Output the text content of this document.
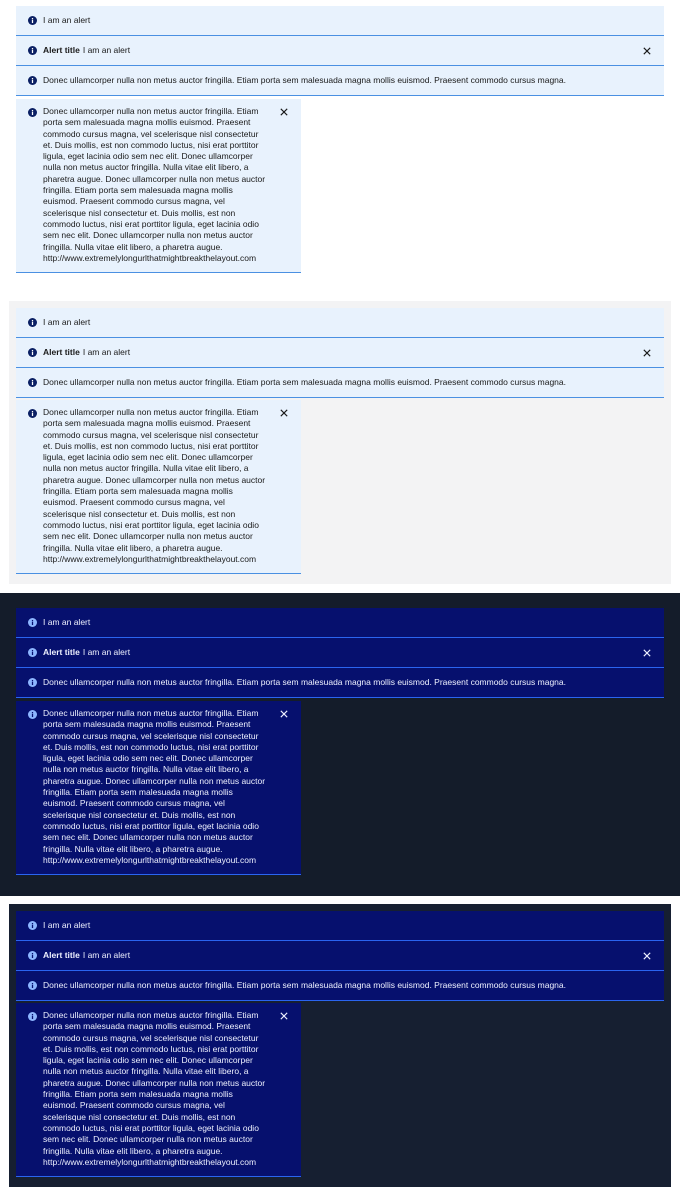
I am an alert
Alert title I am an alert
Donec ullamcorper nulla non metus auctor fringilla. Etiam porta sem malesuada magna mollis euismod. Praesent commodo cursus magna.
Donec ullamcorper nulla non metus auctor fringilla. Etiam porta sem malesuada magna mollis euismod. Praesent commodo cursus magna, vel scelerisque nisl consectetur et. Duis mollis, est non commodo luctus, nisi erat porttitor ligula, eget lacinia odio sem nec elit. Donec ullamcorper nulla non metus auctor fringilla. Nulla vitae elit libero, a pharetra augue. Donec ullamcorper nulla non metus auctor fringilla. Etiam porta sem malesuada magna mollis euismod. Praesent commodo cursus magna, vel scelerisque nisl consectetur et. Duis mollis, est non commodo luctus, nisi erat porttitor ligula, eget lacinia odio sem nec elit. Donec ullamcorper nulla non metus auctor fringilla. Nulla vitae elit libero, a pharetra augue. http://www.extremelylongurlthatmightbreakthelayout.com
I am an alert
Alert title I am an alert
Donec ullamcorper nulla non metus auctor fringilla. Etiam porta sem malesuada magna mollis euismod. Praesent commodo cursus magna.
Donec ullamcorper nulla non metus auctor fringilla. Etiam porta sem malesuada magna mollis euismod. Praesent commodo cursus magna, vel scelerisque nisl consectetur et. Duis mollis, est non commodo luctus, nisi erat porttitor ligula, eget lacinia odio sem nec elit. Donec ullamcorper nulla non metus auctor fringilla. Nulla vitae elit libero, a pharetra augue. Donec ullamcorper nulla non metus auctor fringilla. Etiam porta sem malesuada magna mollis euismod. Praesent commodo cursus magna, vel scelerisque nisl consectetur et. Duis mollis, est non commodo luctus, nisi erat porttitor ligula, eget lacinia odio sem nec elit. Donec ullamcorper nulla non metus auctor fringilla. Nulla vitae elit libero, a pharetra augue. http://www.extremelylongurlthatmightbreakthelayout.com
I am an alert
Alert title I am an alert
Donec ullamcorper nulla non metus auctor fringilla. Etiam porta sem malesuada magna mollis euismod. Praesent commodo cursus magna.
Donec ullamcorper nulla non metus auctor fringilla. Etiam porta sem malesuada magna mollis euismod. Praesent commodo cursus magna, vel scelerisque nisl consectetur et. Duis mollis, est non commodo luctus, nisi erat porttitor ligula, eget lacinia odio sem nec elit. Donec ullamcorper nulla non metus auctor fringilla. Nulla vitae elit libero, a pharetra augue. Donec ullamcorper nulla non metus auctor fringilla. Etiam porta sem malesuada magna mollis euismod. Praesent commodo cursus magna, vel scelerisque nisl consectetur et. Duis mollis, est non commodo luctus, nisi erat porttitor ligula, eget lacinia odio sem nec elit. Donec ullamcorper nulla non metus auctor fringilla. Nulla vitae elit libero, a pharetra augue. http://www.extremelylongurlthatmightbreakthelayout.com
I am an alert
Alert title I am an alert
Donec ullamcorper nulla non metus auctor fringilla. Etiam porta sem malesuada magna mollis euismod. Praesent commodo cursus magna.
Donec ullamcorper nulla non metus auctor fringilla. Etiam porta sem malesuada magna mollis euismod. Praesent commodo cursus magna, vel scelerisque nisl consectetur et. Duis mollis, est non commodo luctus, nisi erat porttitor ligula, eget lacinia odio sem nec elit. Donec ullamcorper nulla non metus auctor fringilla. Nulla vitae elit libero, a pharetra augue. Donec ullamcorper nulla non metus auctor fringilla. Etiam porta sem malesuada magna mollis euismod. Praesent commodo cursus magna, vel scelerisque nisl consectetur et. Duis mollis, est non commodo luctus, nisi erat porttitor ligula, eget lacinia odio sem nec elit. Donec ullamcorper nulla non metus auctor fringilla. Nulla vitae elit libero, a pharetra augue. http://www.extremelylongurlthatmightbreakthelayout.com
